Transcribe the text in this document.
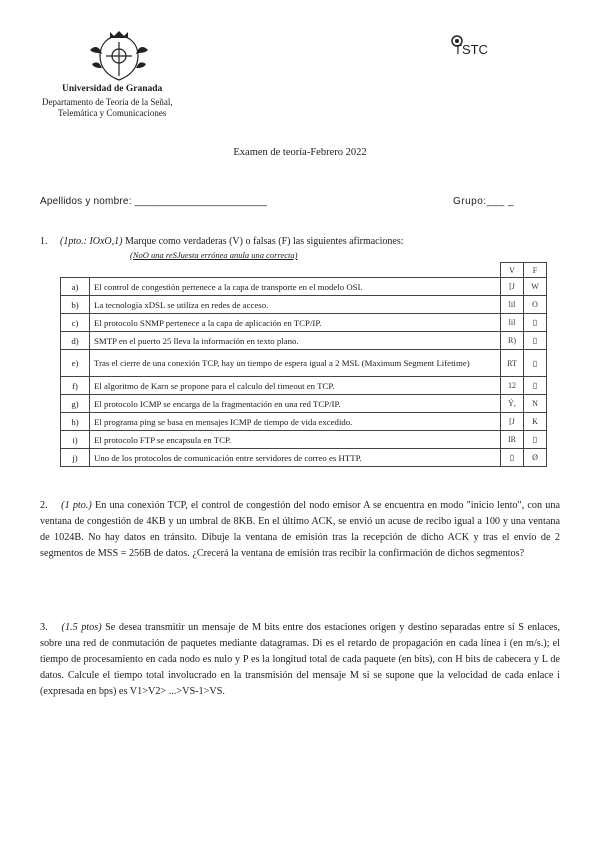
Universidad de Granada
Departamento de Teoría de la Señal,
Telemática y Comunicaciones
TSTC
Examen de teoría-Febrero 2022
Apellidos y nombre: _______________________	Grupo:___ _
1. (1pto.: IOxO,1) Marque como verdaderas (V) o falsas (F) las siguientes afirmaciones:
(NoO una reSJuesta errónea anula una correcta)
		V	F
a)	El control de congestión pertenece a la capa de transporte en el modelo OSI.	[J	W
b)	La tecnología xDSL se utiliza en redes de acceso.	lil	O
c)	El protocolo SNMP pertenece a la capa de aplicación en TCP/IP.	lil	▯
d)	SMTP en el puerto 25 lleva la información en texto plano.	R)	▯
e)	Tras el cierre de una conexión TCP, hay un tiempo de espera igual a 2 MSL (Maximum Segment Lifetime)	RT	▯
f)	El algoritmo de Karn se propone para el calculo del timeout en TCP.	12	▯
g)	El protocolo ICMP se encarga de la fragmentación en una red TCP/IP.	Ý,	N
h)	El programa ping se basa en mensajes ICMP de tiempo de vida excedido.	[J	K
i)	El protocolo FTP se encapsula en TCP.	IR	▯
j)	Uno de los protocolos de comunicación entre servidores de correo es HTTP.	▯	Ø
2. (1 pto.) En una conexión TCP, el control de congestión del nodo emisor A se encuentra en modo "inicio lento", con una ventana de congestión de 4KB y un umbral de 8KB. En el último ACK, se envió un acuse de recibo igual a 100 y una ventana de 1024B. No hay datos en tránsito. Dibuje la ventana de emisión tras la recepción de dicho ACK y tras el envío de 2 segmentos de MSS = 256B de datos. ¿Crecerá la ventana de emisión tras recibir la confirmación de dichos segmentos?
3. (1.5 ptos) Se desea transmitir un mensaje de M bits entre dos estaciones origen y destino separadas entre sí S enlaces, sobre una red de conmutación de paquetes mediante datagramas. Di es el retardo de propagación en cada línea i (en m/s.); el tiempo de procesamiento en cada nodo es nulo y P es la longitud total de cada paquete (en bits), con H bits de cabecera y L de datos. Calcule el tiempo total involucrado en la transmisión del mensaje M si se supone que la velocidad de cada enlace i (expresada en bps) es V1>V2> ...>VS-1>VS.
